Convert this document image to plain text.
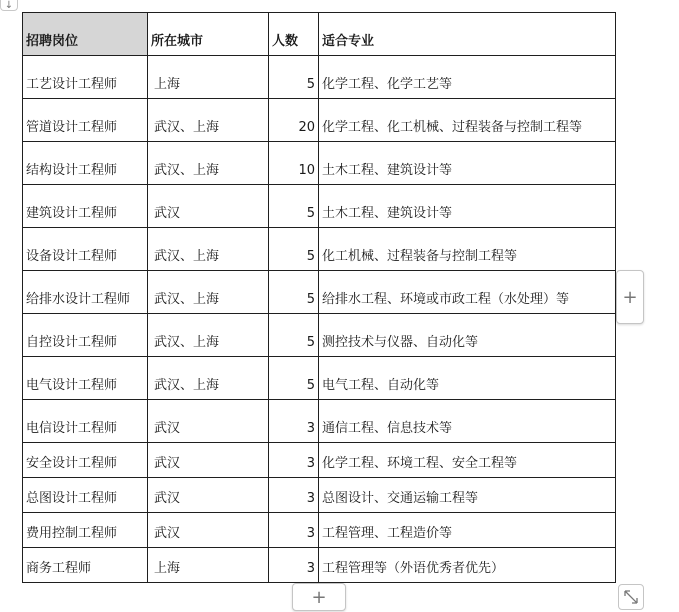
↓
招聘岗位	所在城市	人数	适合专业
工艺设计工程师	上海	5	化学工程、化学工艺等
管道设计工程师	武汉、上海	20	化学工程、化工机械、过程装备与控制工程等
结构设计工程师	武汉、上海	10	土木工程、建筑设计等
建筑设计工程师	武汉	5	土木工程、建筑设计等
设备设计工程师	武汉、上海	5	化工机械、过程装备与控制工程等
给排水设计工程师	武汉、上海	5	给排水工程、环境或市政工程（水处理）等
自控设计工程师	武汉、上海	5	测控技术与仪器、自动化等
电气设计工程师	武汉、上海	5	电气工程、自动化等
电信设计工程师	武汉	3	通信工程、信息技术等
安全设计工程师	武汉	3	化学工程、环境工程、安全工程等
总图设计工程师	武汉	3	总图设计、交通运输工程等
费用控制工程师	武汉	3	工程管理、工程造价等
商务工程师	上海	3	工程管理等（外语优秀者优先）
+
+
